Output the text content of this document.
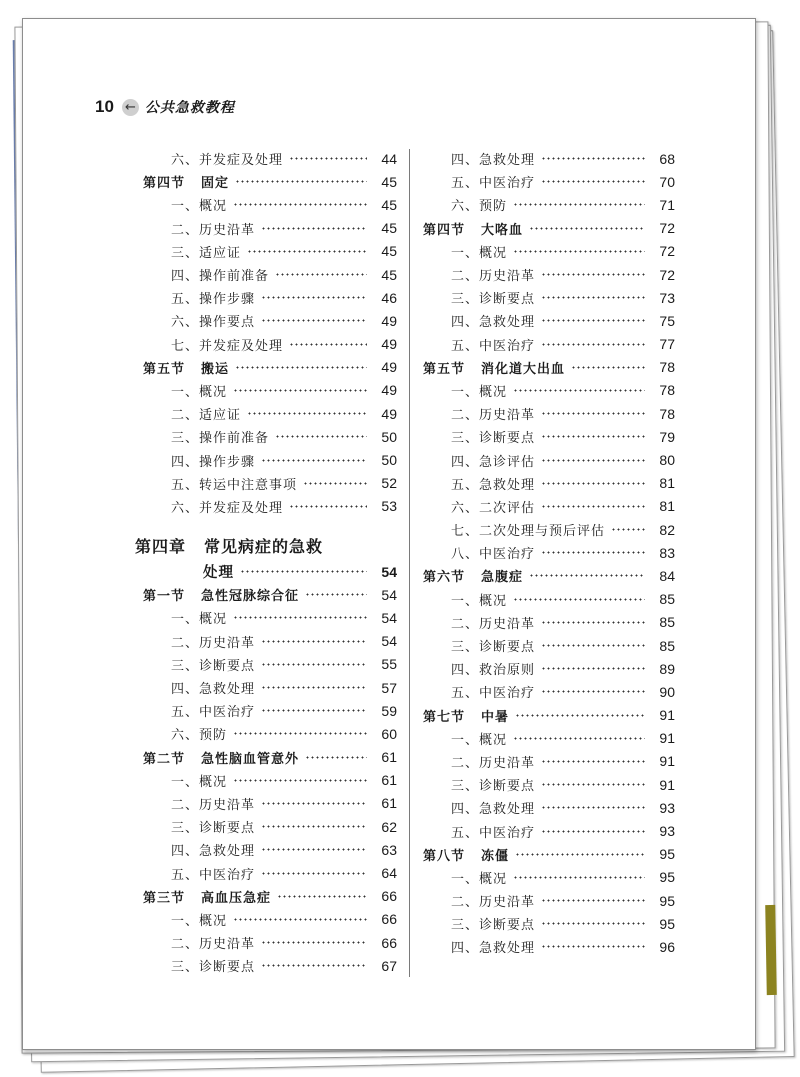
10 ← 公共急救教程
六、并发症及处理	44
第四节 固定	45
一、概况	45
二、历史沿革	45
三、适应证	45
四、操作前准备	45
五、操作步骤	46
六、操作要点	49
七、并发症及处理	49
第五节 搬运	49
一、概况	49
二、适应证	49
三、操作前准备	50
四、操作步骤	50
五、转运中注意事项	52
六、并发症及处理	53
第四章 常见病症的急救
处理	54
第一节 急性冠脉综合征	54
一、概况	54
二、历史沿革	54
三、诊断要点	55
四、急救处理	57
五、中医治疗	59
六、预防	60
第二节 急性脑血管意外	61
一、概况	61
二、历史沿革	61
三、诊断要点	62
四、急救处理	63
五、中医治疗	64
第三节 高血压急症	66
一、概况	66
二、历史沿革	66
三、诊断要点	67
四、急救处理	68
五、中医治疗	70
六、预防	71
第四节 大咯血	72
一、概况	72
二、历史沿革	72
三、诊断要点	73
四、急救处理	75
五、中医治疗	77
第五节 消化道大出血	78
一、概况	78
二、历史沿革	78
三、诊断要点	79
四、急诊评估	80
五、急救处理	81
六、二次评估	81
七、二次处理与预后评估	82
八、中医治疗	83
第六节 急腹症	84
一、概况	85
二、历史沿革	85
三、诊断要点	85
四、救治原则	89
五、中医治疗	90
第七节 中暑	91
一、概况	91
二、历史沿革	91
三、诊断要点	91
四、急救处理	93
五、中医治疗	93
第八节 冻僵	95
一、概况	95
二、历史沿革	95
三、诊断要点	95
四、急救处理	96
